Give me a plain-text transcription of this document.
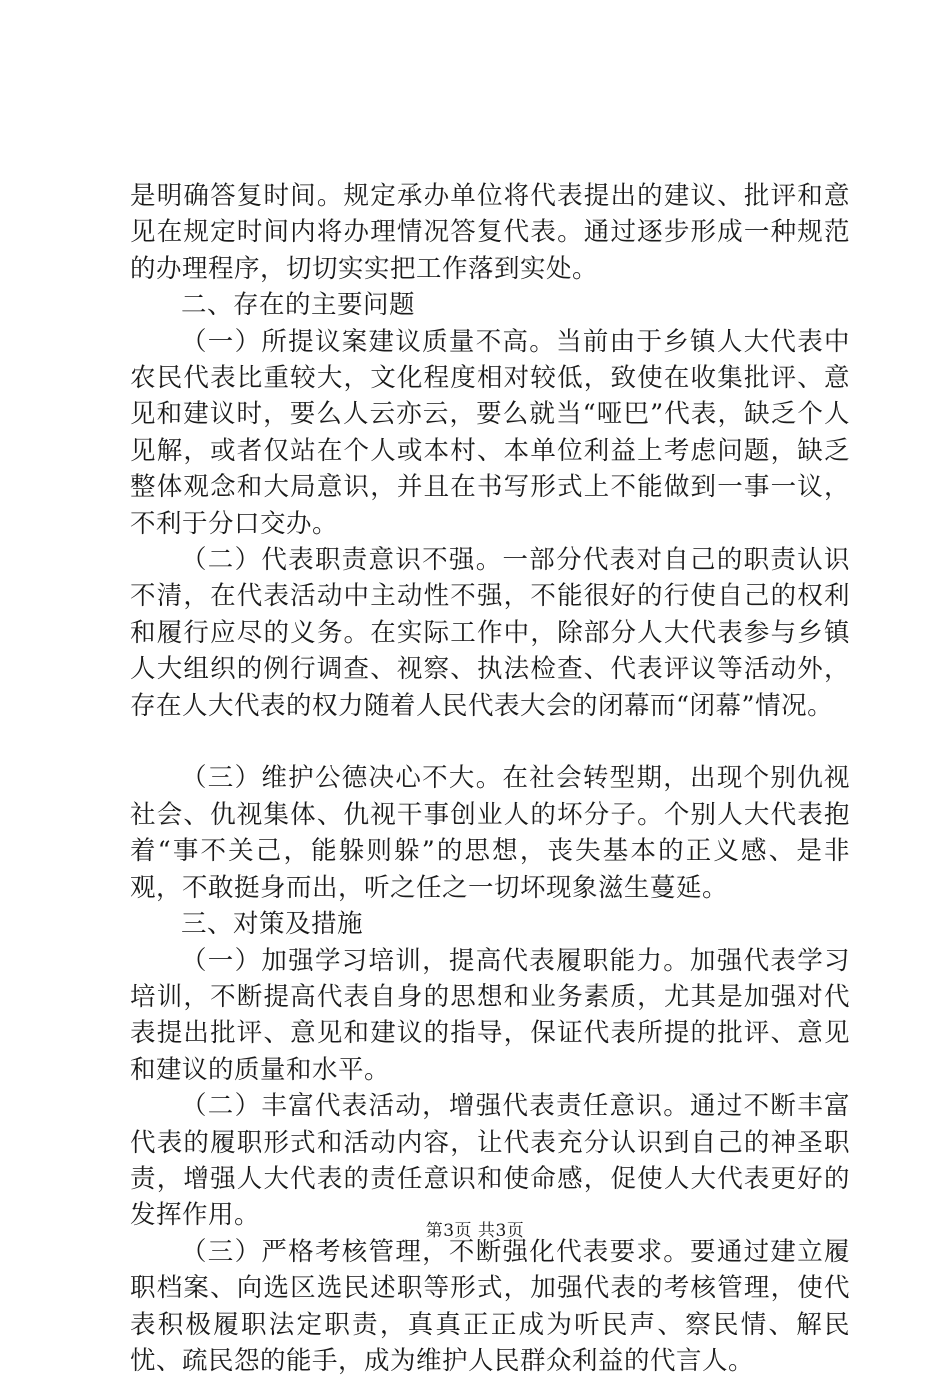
是明确答复时间。规定承办单位将代表提出的建议、批评和意见在规定时间内将办理情况答复代表。通过逐步形成一种规范的办理程序，切切实实把工作落到实处。

二、存在的主要问题

（一）所提议案建议质量不高。当前由于乡镇人大代表中农民代表比重较大，文化程度相对较低，致使在收集批评、意见和建议时，要么人云亦云，要么就当“哑巴”代表，缺乏个人见解，或者仅站在个人或本村、本单位利益上考虑问题，缺乏整体观念和大局意识，并且在书写形式上不能做到一事一议，不利于分口交办。

（二）代表职责意识不强。一部分代表对自己的职责认识不清，在代表活动中主动性不强，不能很好的行使自己的权利和履行应尽的义务。在实际工作中，除部分人大代表参与乡镇人大组织的例行调查、视察、执法检查、代表评议等活动外，存在人大代表的权力随着人民代表大会的闭幕而“闭幕”情况。

（三）维护公德决心不大。在社会转型期，出现个别仇视社会、仇视集体、仇视干事创业人的坏分子。个别人大代表抱着“事不关己，能躲则躲”的思想，丧失基本的正义感、是非观，不敢挺身而出，听之任之一切坏现象滋生蔓延。

三、对策及措施

（一）加强学习培训，提高代表履职能力。加强代表学习培训，不断提高代表自身的思想和业务素质，尤其是加强对代表提出批评、意见和建议的指导，保证代表所提的批评、意见和建议的质量和水平。

（二）丰富代表活动，增强代表责任意识。通过不断丰富代表的履职形式和活动内容，让代表充分认识到自己的神圣职责，增强人大代表的责任意识和使命感，促使人大代表更好的发挥作用。

（三）严格考核管理，不断强化代表要求。要通过建立履职档案、向选区选民述职等形式，加强代表的考核管理，使代表积极履职法定职责，真真正正成为听民声、察民情、解民忧、疏民怨的能手，成为维护人民群众利益的代言人。

第3页 共3页
